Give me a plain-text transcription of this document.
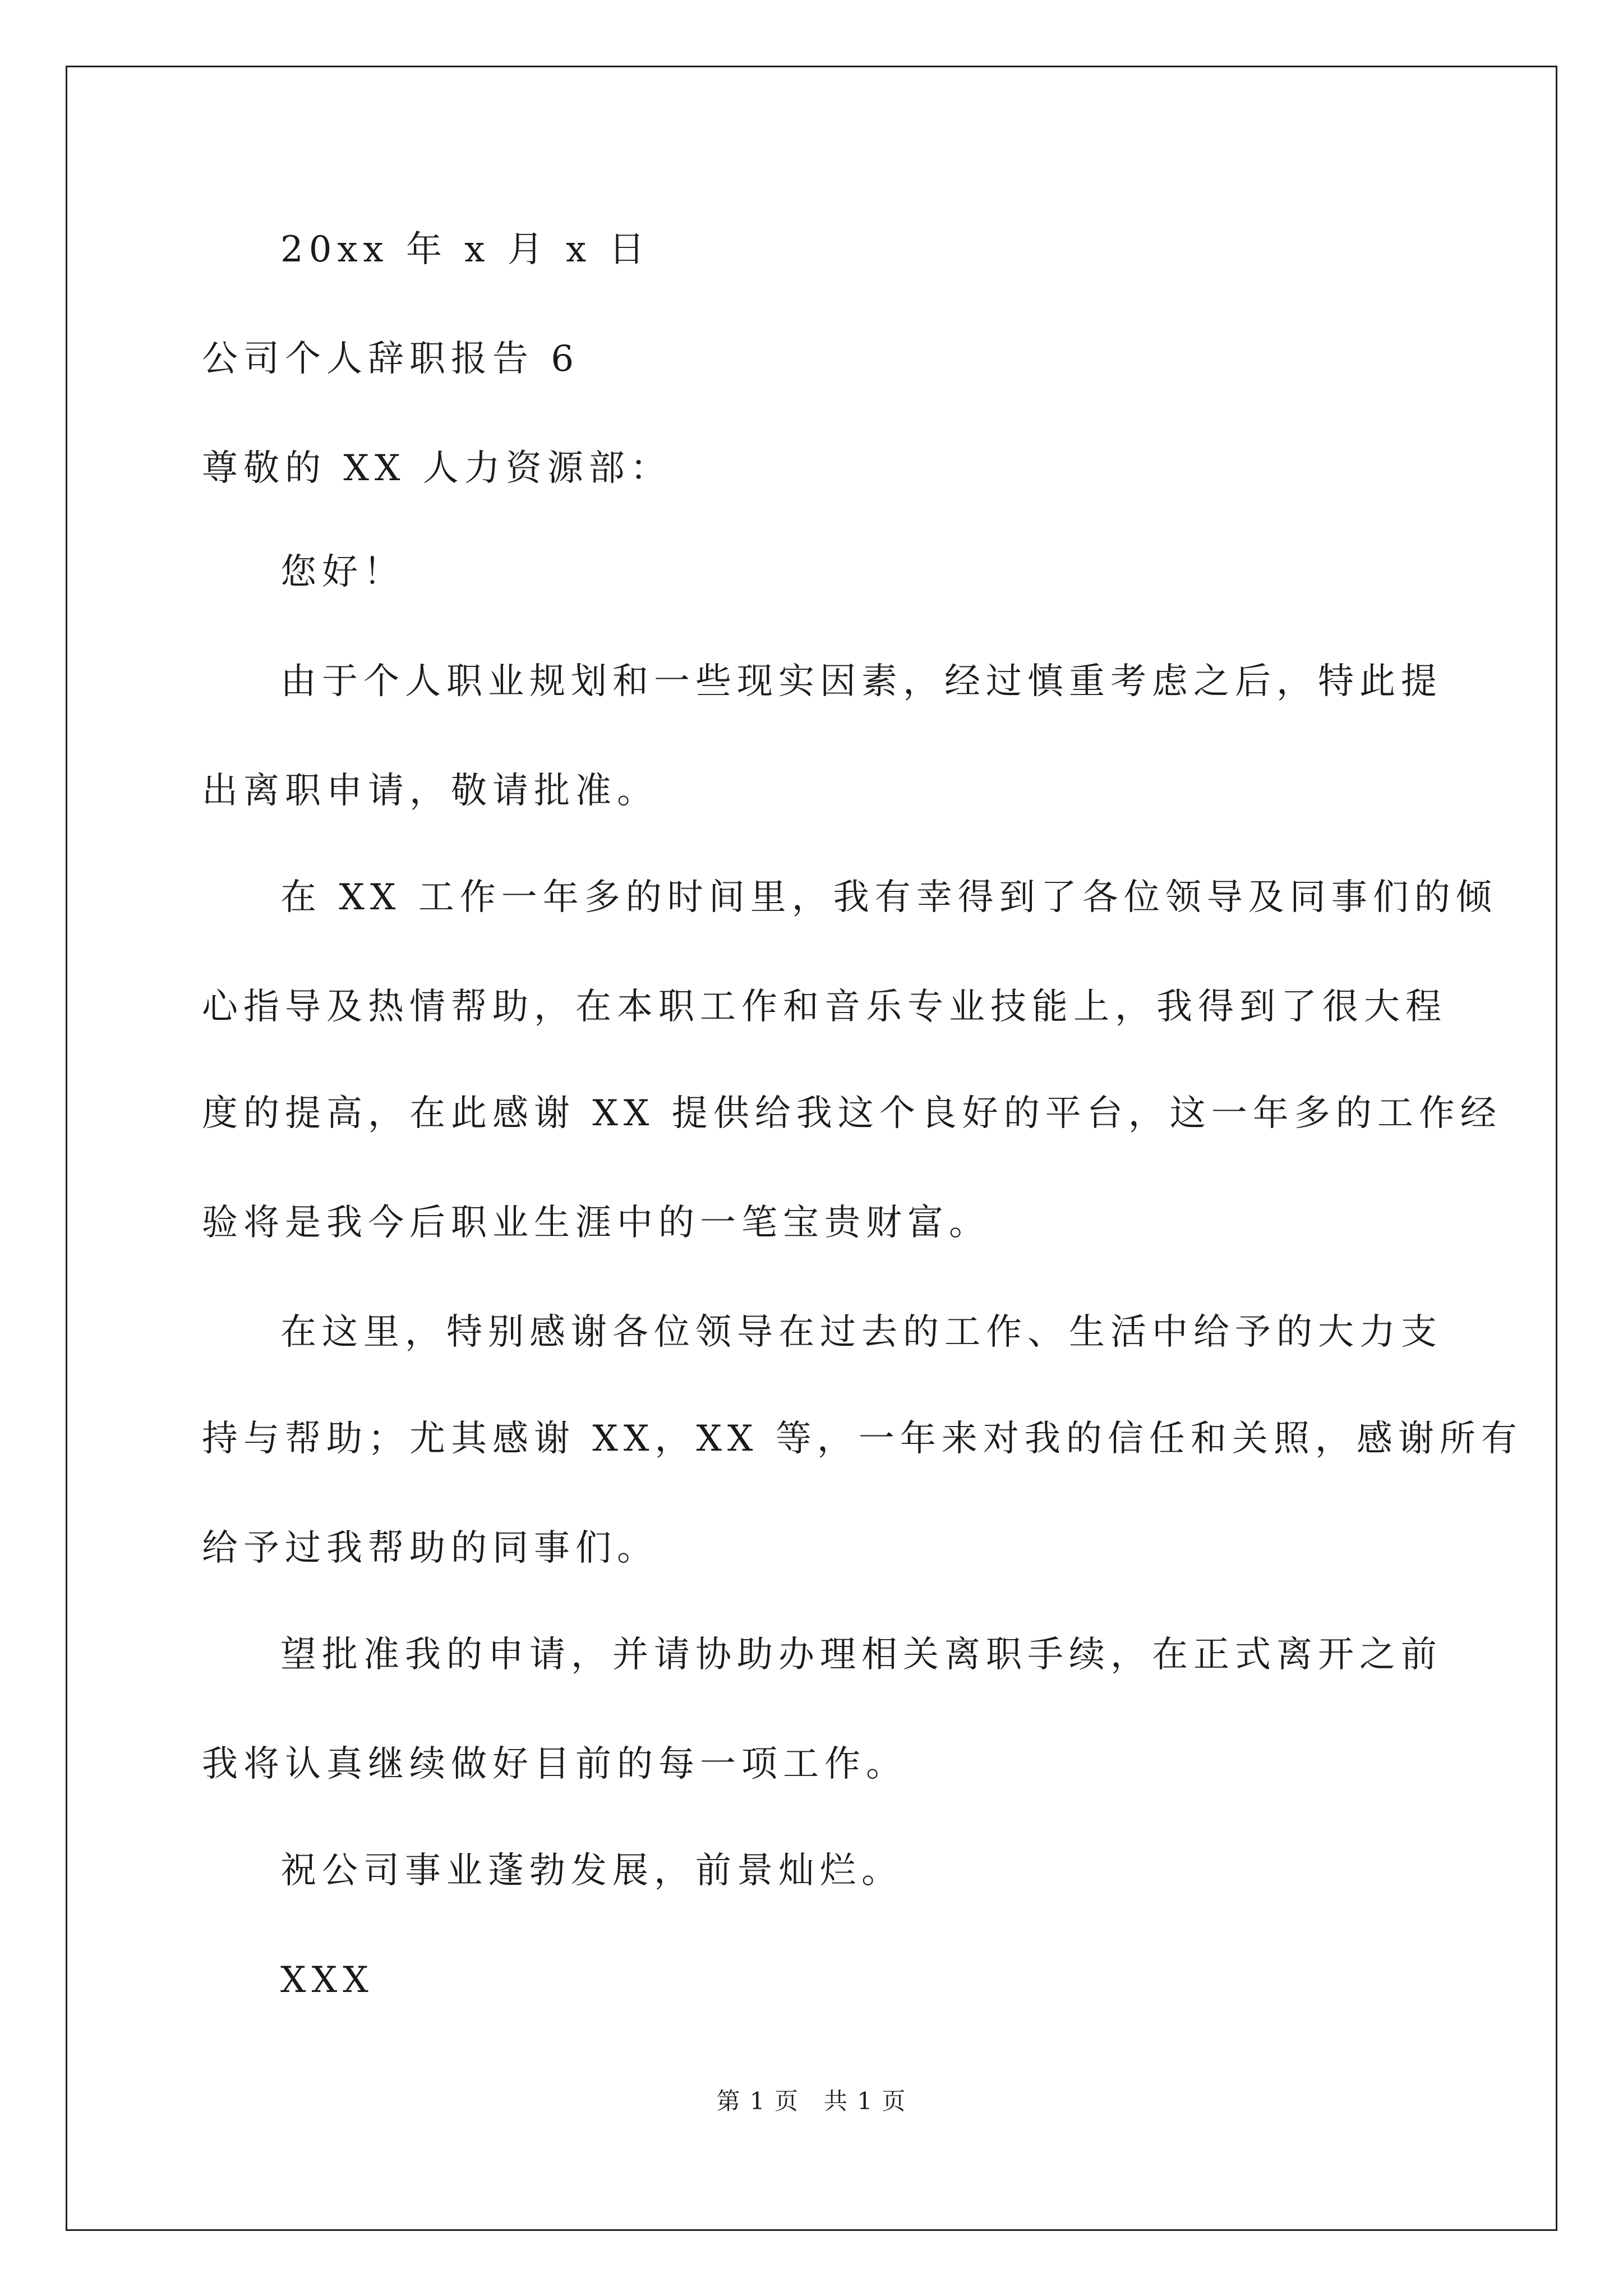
20xx 年 x 月 x 日
公司个人辞职报告 6
尊敬的 XX 人力资源部：
您好！
由于个人职业规划和一些现实因素，经过慎重考虑之后，特此提
出离职申请，敬请批准。
在 XX 工作一年多的时间里，我有幸得到了各位领导及同事们的倾
心指导及热情帮助，在本职工作和音乐专业技能上，我得到了很大程
度的提高，在此感谢 XX 提供给我这个良好的平台，这一年多的工作经
验将是我今后职业生涯中的一笔宝贵财富。
在这里，特别感谢各位领导在过去的工作、生活中给予的大力支
持与帮助；尤其感谢 XX，XX 等，一年来对我的信任和关照，感谢所有
给予过我帮助的同事们。
望批准我的申请，并请协助办理相关离职手续，在正式离开之前
我将认真继续做好目前的每一项工作。
祝公司事业蓬勃发展，前景灿烂。
XXX
第 1 页　共 1 页
